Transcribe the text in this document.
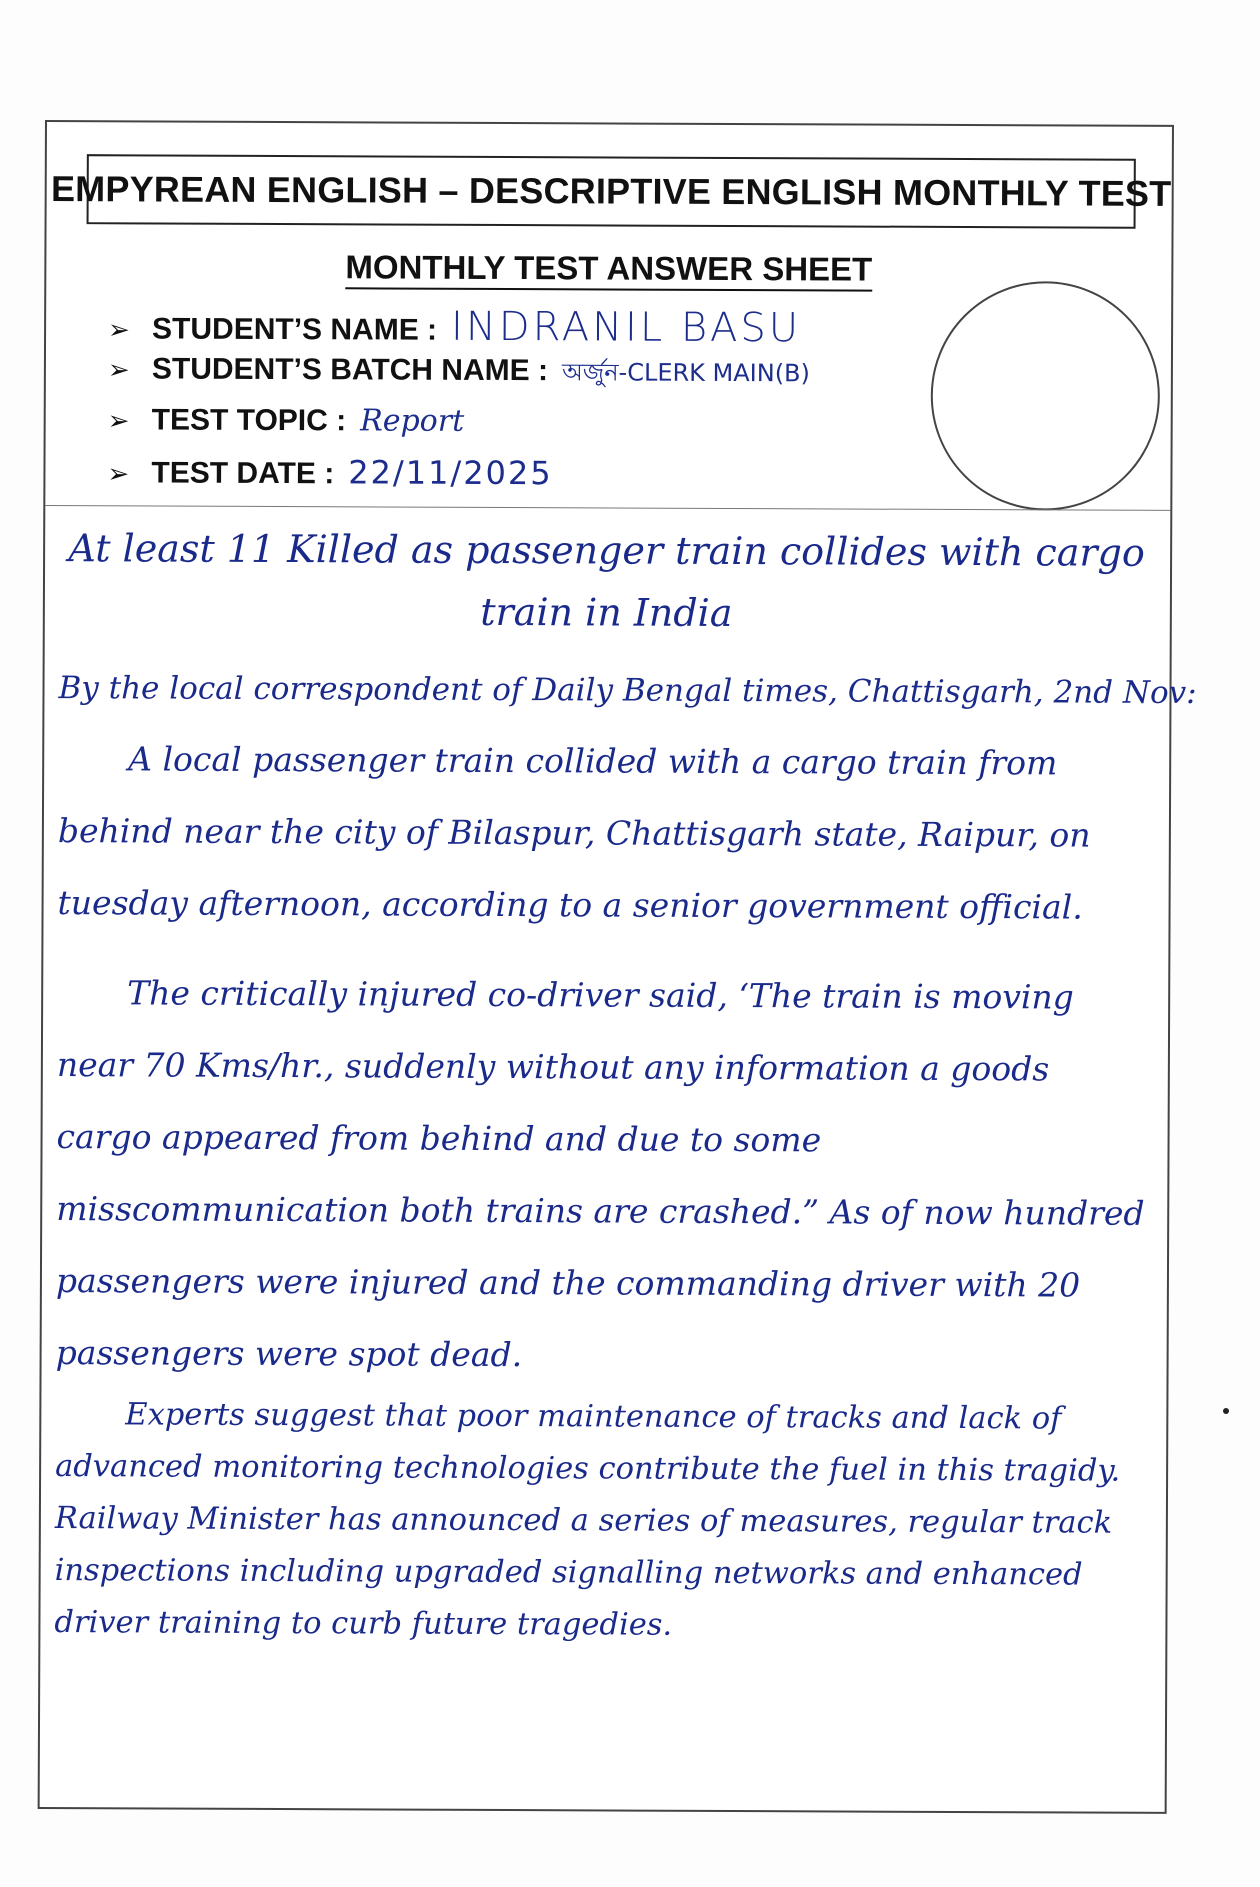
EMPYREAN ENGLISH – DESCRIPTIVE ENGLISH MONTHLY TEST
MONTHLY TEST ANSWER SHEET
➢ STUDENT’S NAME : INDRANIL BASU
➢ STUDENT’S BATCH NAME : অর্জুন-CLERK MAIN(B)
➢ TEST TOPIC : Report
➢ TEST DATE : 22/11/2025

At least 11 Killed as passenger train collides with cargo train in India

By the local correspondent of Daily Bengal times, Chattisgarh, 2nd Nov:

A local passenger train collided with a cargo train from behind near the city of Bilaspur, Chattisgarh state, Raipur, on tuesday afternoon, according to a senior government official.

The critically injured co-driver said, ‘The train is moving near 70 Kms/hr., suddenly without any information a goods cargo appeared from behind and due to some misscommunication both trains are crashed.” As of now hundred passengers were injured and the commanding driver with 20 passengers were spot dead.

Experts suggest that poor maintenance of tracks and lack of advanced monitoring technologies contribute the fuel in this tragidy. Railway Minister has announced a series of measures, regular track inspections including upgraded signalling networks and enhanced driver training to curb future tragedies.
